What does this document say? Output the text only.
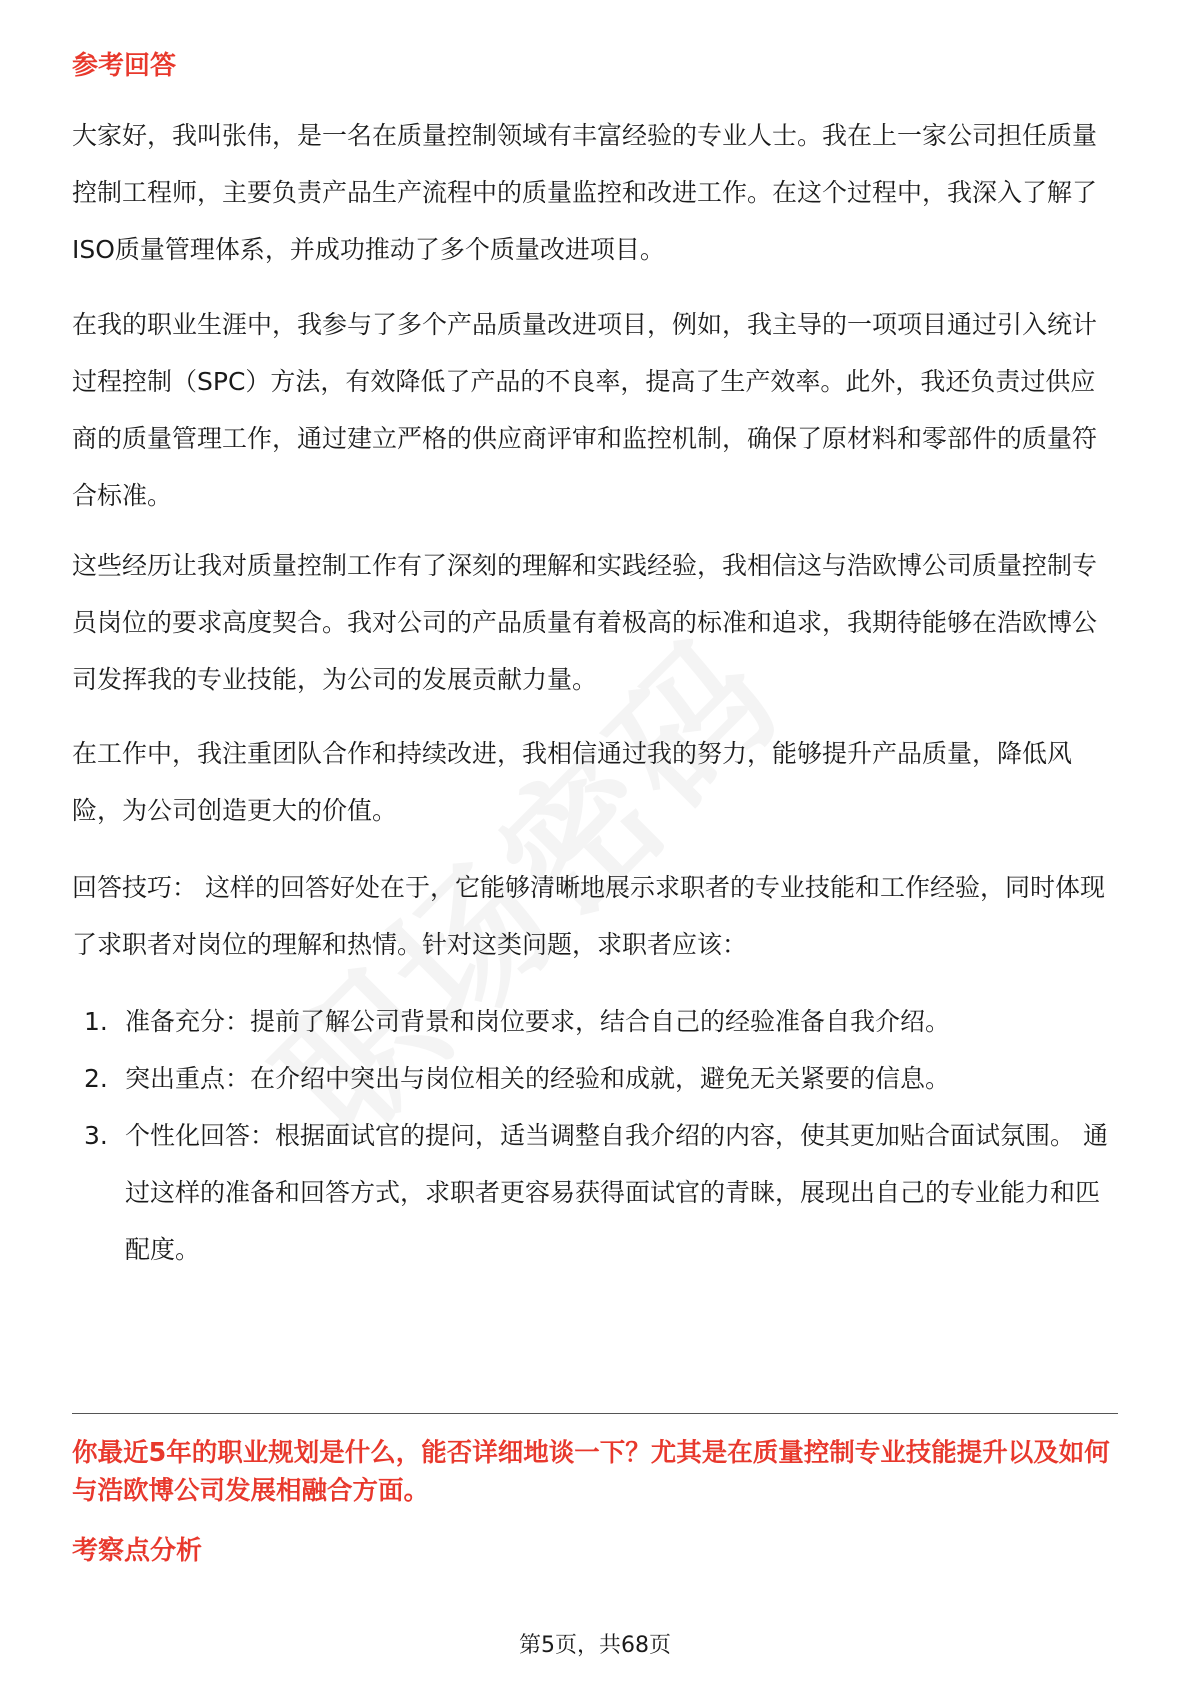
参考回答

大家好，我叫张伟，是一名在质量控制领域有丰富经验的专业人士。我在上一家公司担任质量控制工程师，主要负责产品生产流程中的质量监控和改进工作。在这个过程中，我深入了解了ISO质量管理体系，并成功推动了多个质量改进项目。

在我的职业生涯中，我参与了多个产品质量改进项目，例如，我主导的一项项目通过引入统计过程控制（SPC）方法，有效降低了产品的不良率，提高了生产效率。此外，我还负责过供应商的质量管理工作，通过建立严格的供应商评审和监控机制，确保了原材料和零部件的质量符合标准。

这些经历让我对质量控制工作有了深刻的理解和实践经验，我相信这与浩欧博公司质量控制专员岗位的要求高度契合。我对公司的产品质量有着极高的标准和追求，我期待能够在浩欧博公司发挥我的专业技能，为公司的发展贡献力量。

在工作中，我注重团队合作和持续改进，我相信通过我的努力，能够提升产品质量，降低风险，为公司创造更大的价值。

回答技巧： 这样的回答好处在于，它能够清晰地展示求职者的专业技能和工作经验，同时体现了求职者对岗位的理解和热情。针对这类问题，求职者应该：

1. 准备充分：提前了解公司背景和岗位要求，结合自己的经验准备自我介绍。
2. 突出重点：在介绍中突出与岗位相关的经验和成就，避免无关紧要的信息。
3. 个性化回答：根据面试官的提问，适当调整自我介绍的内容，使其更加贴合面试氛围。 通过这样的准备和回答方式，求职者更容易获得面试官的青睐，展现出自己的专业能力和匹配度。

你最近5年的职业规划是什么，能否详细地谈一下？尤其是在质量控制专业技能提升以及如何与浩欧博公司发展相融合方面。

考察点分析
第5页，共68页
